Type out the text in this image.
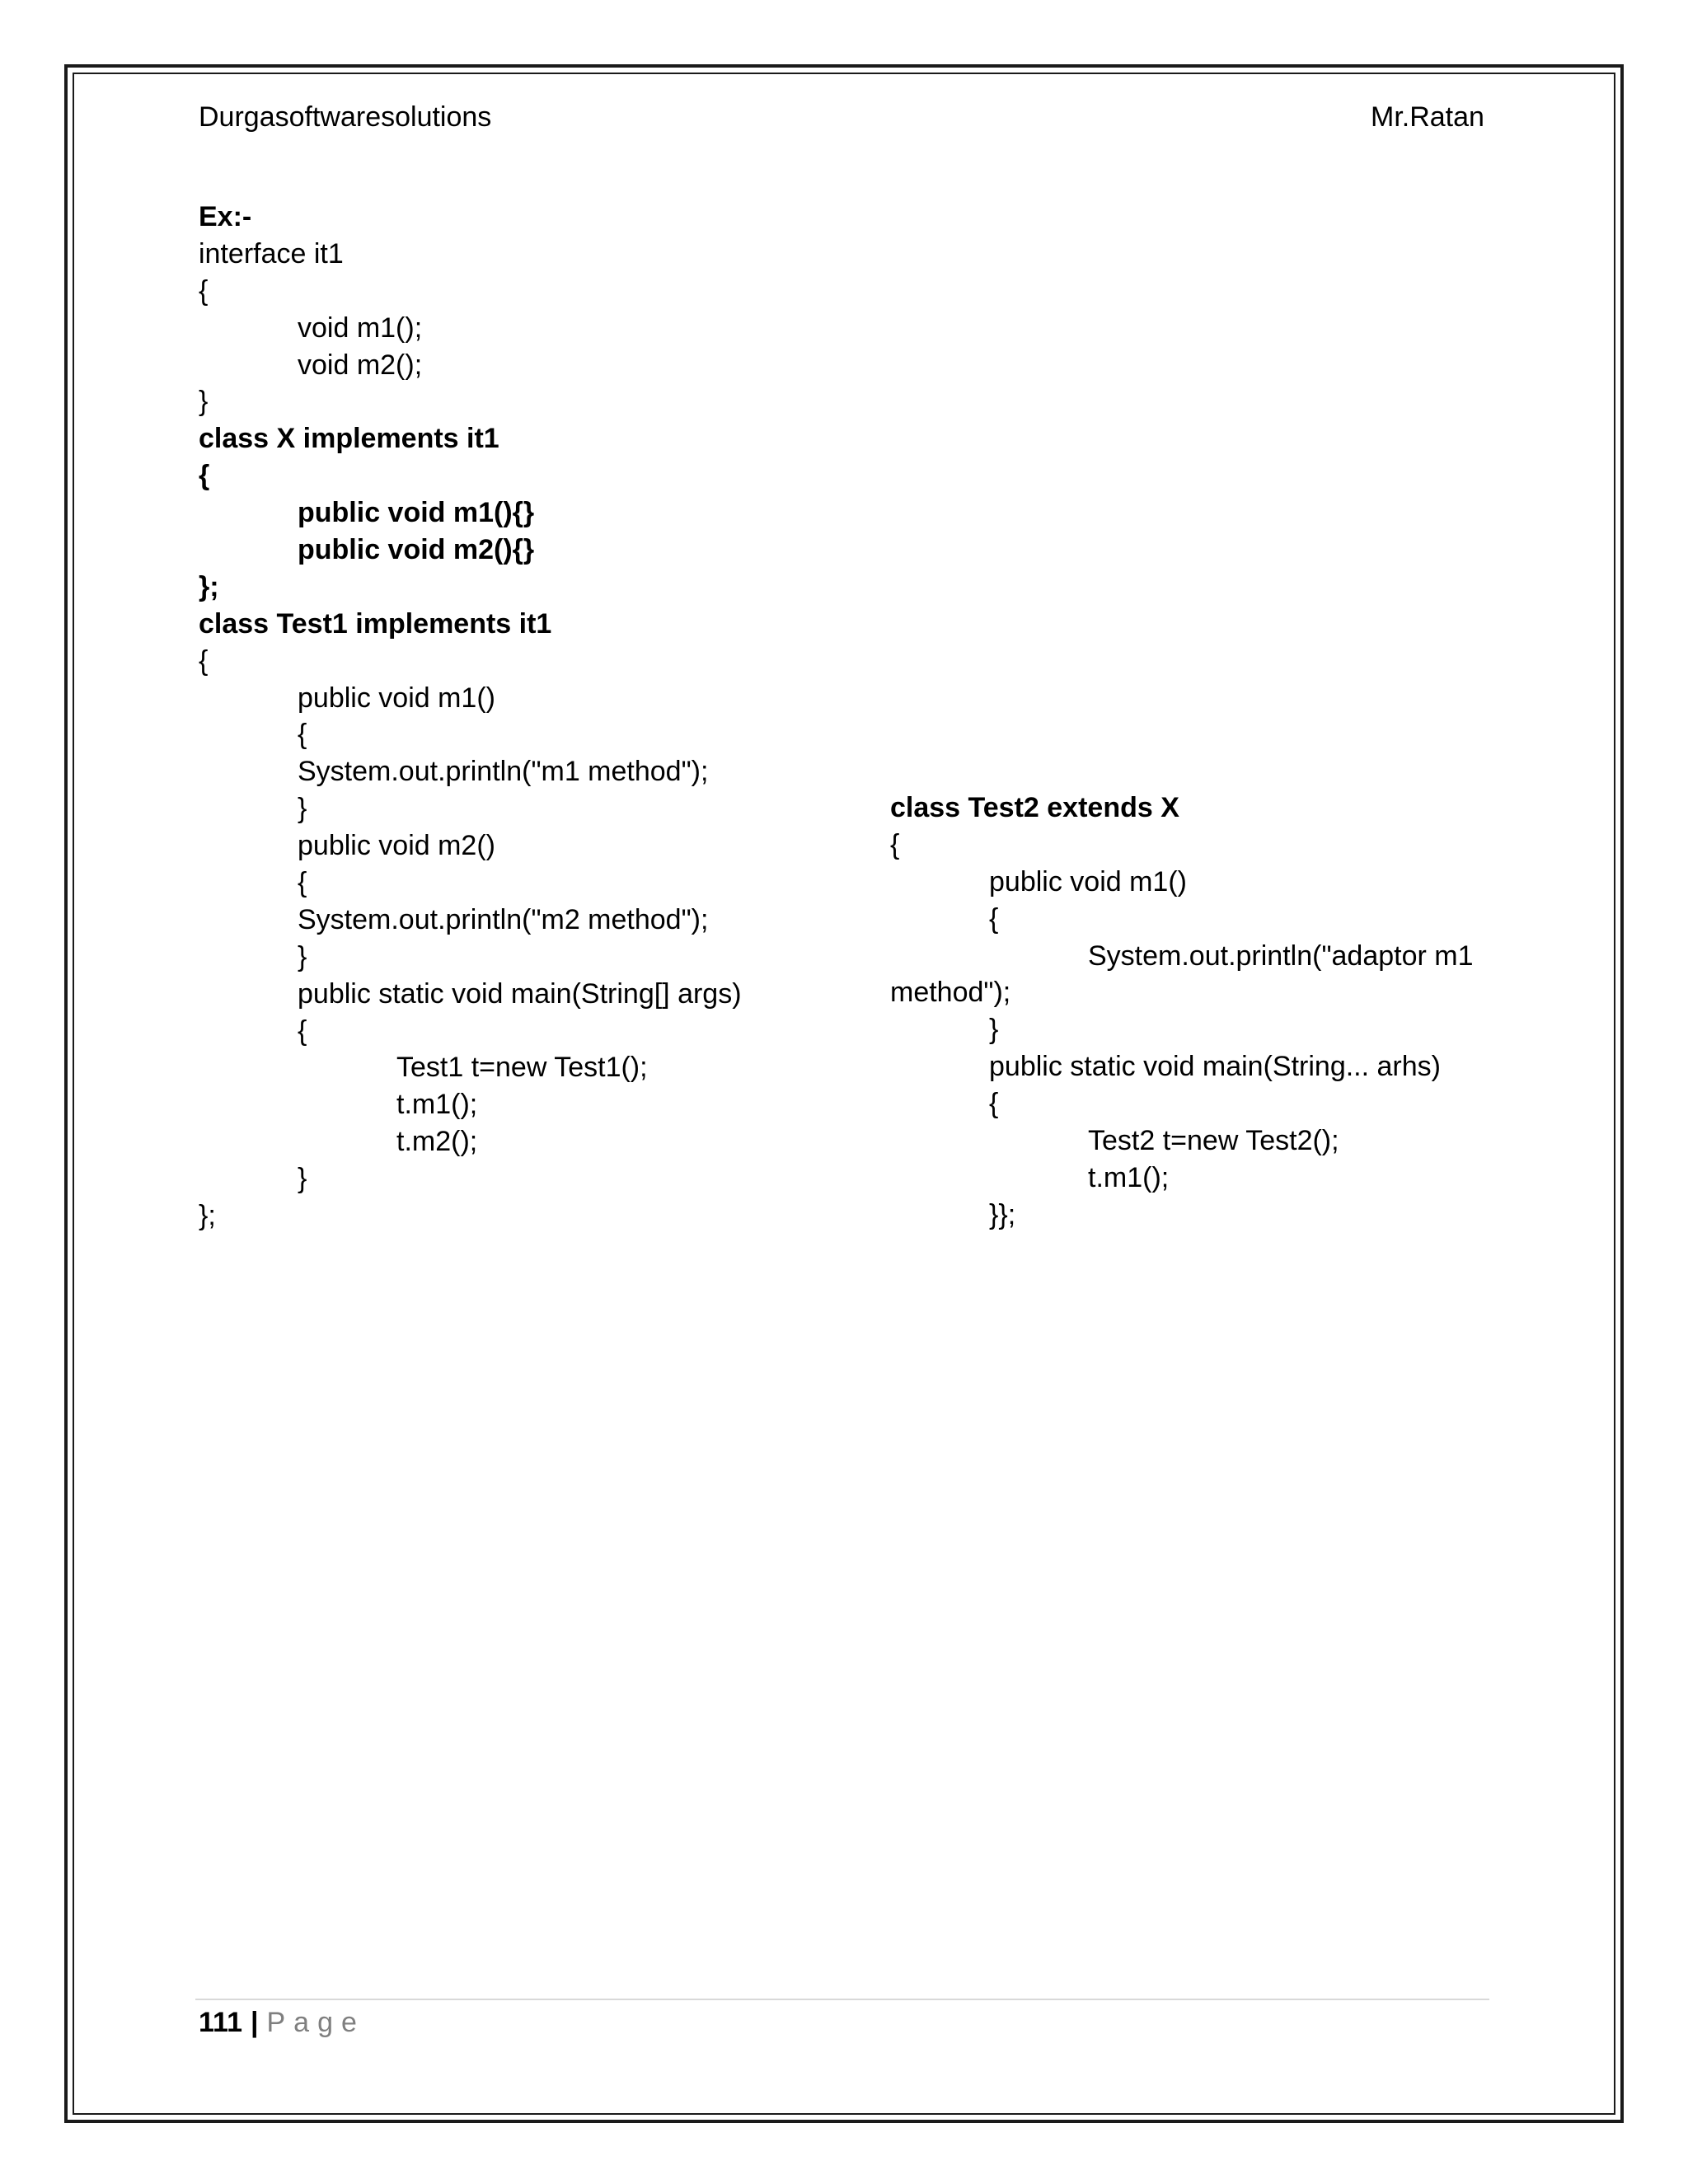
Durgasoftwaresolutions	Mr.Ratan
Ex:-
interface it1
{
void m1();
void m2();
}
class X implements it1
{
public void m1(){}
public void m2(){}
};
class Test1 implements it1
{
public void m1()
{
System.out.println("m1 method");
}
public void m2()
{
System.out.println("m2 method");
}
public static void main(String[] args)
{
Test1 t=new Test1();
t.m1();
t.m2();
}
};
class Test2 extends X
{
public void m1()
{
System.out.println("adaptor m1
method");
}
public static void main(String... arhs)
{
Test2 t=new Test2();
t.m1();
}};
111 | Page
